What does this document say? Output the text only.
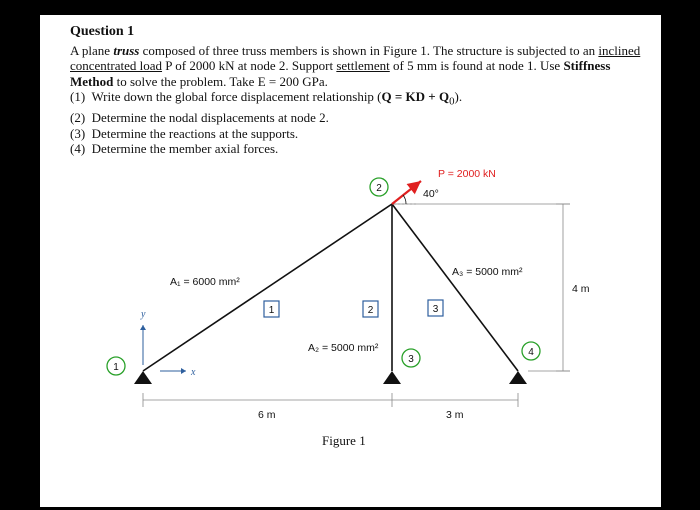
Question 1

A plane truss composed of three truss members is shown in Figure 1. The structure is subjected to an inclined concentrated load P of 2000 kN at node 2. Support settlement of 5 mm is found at node 1. Use Stiffness Method to solve the problem. Take E = 200 GPa.

(1) Write down the global force displacement relationship (Q = KD + $Q_0$).
(2) Determine the nodal displacements at node 2.
(3) Determine the reactions at the supports.
(4) Determine the member axial forces.
y
x
P = 2000 kN
40°
1
2
3
4
1	2	3
A₁ = 6000 mm²
A₂ = 5000 mm²
A₃ = 5000 mm²
6 m	3 m
4 m
Figure 1
